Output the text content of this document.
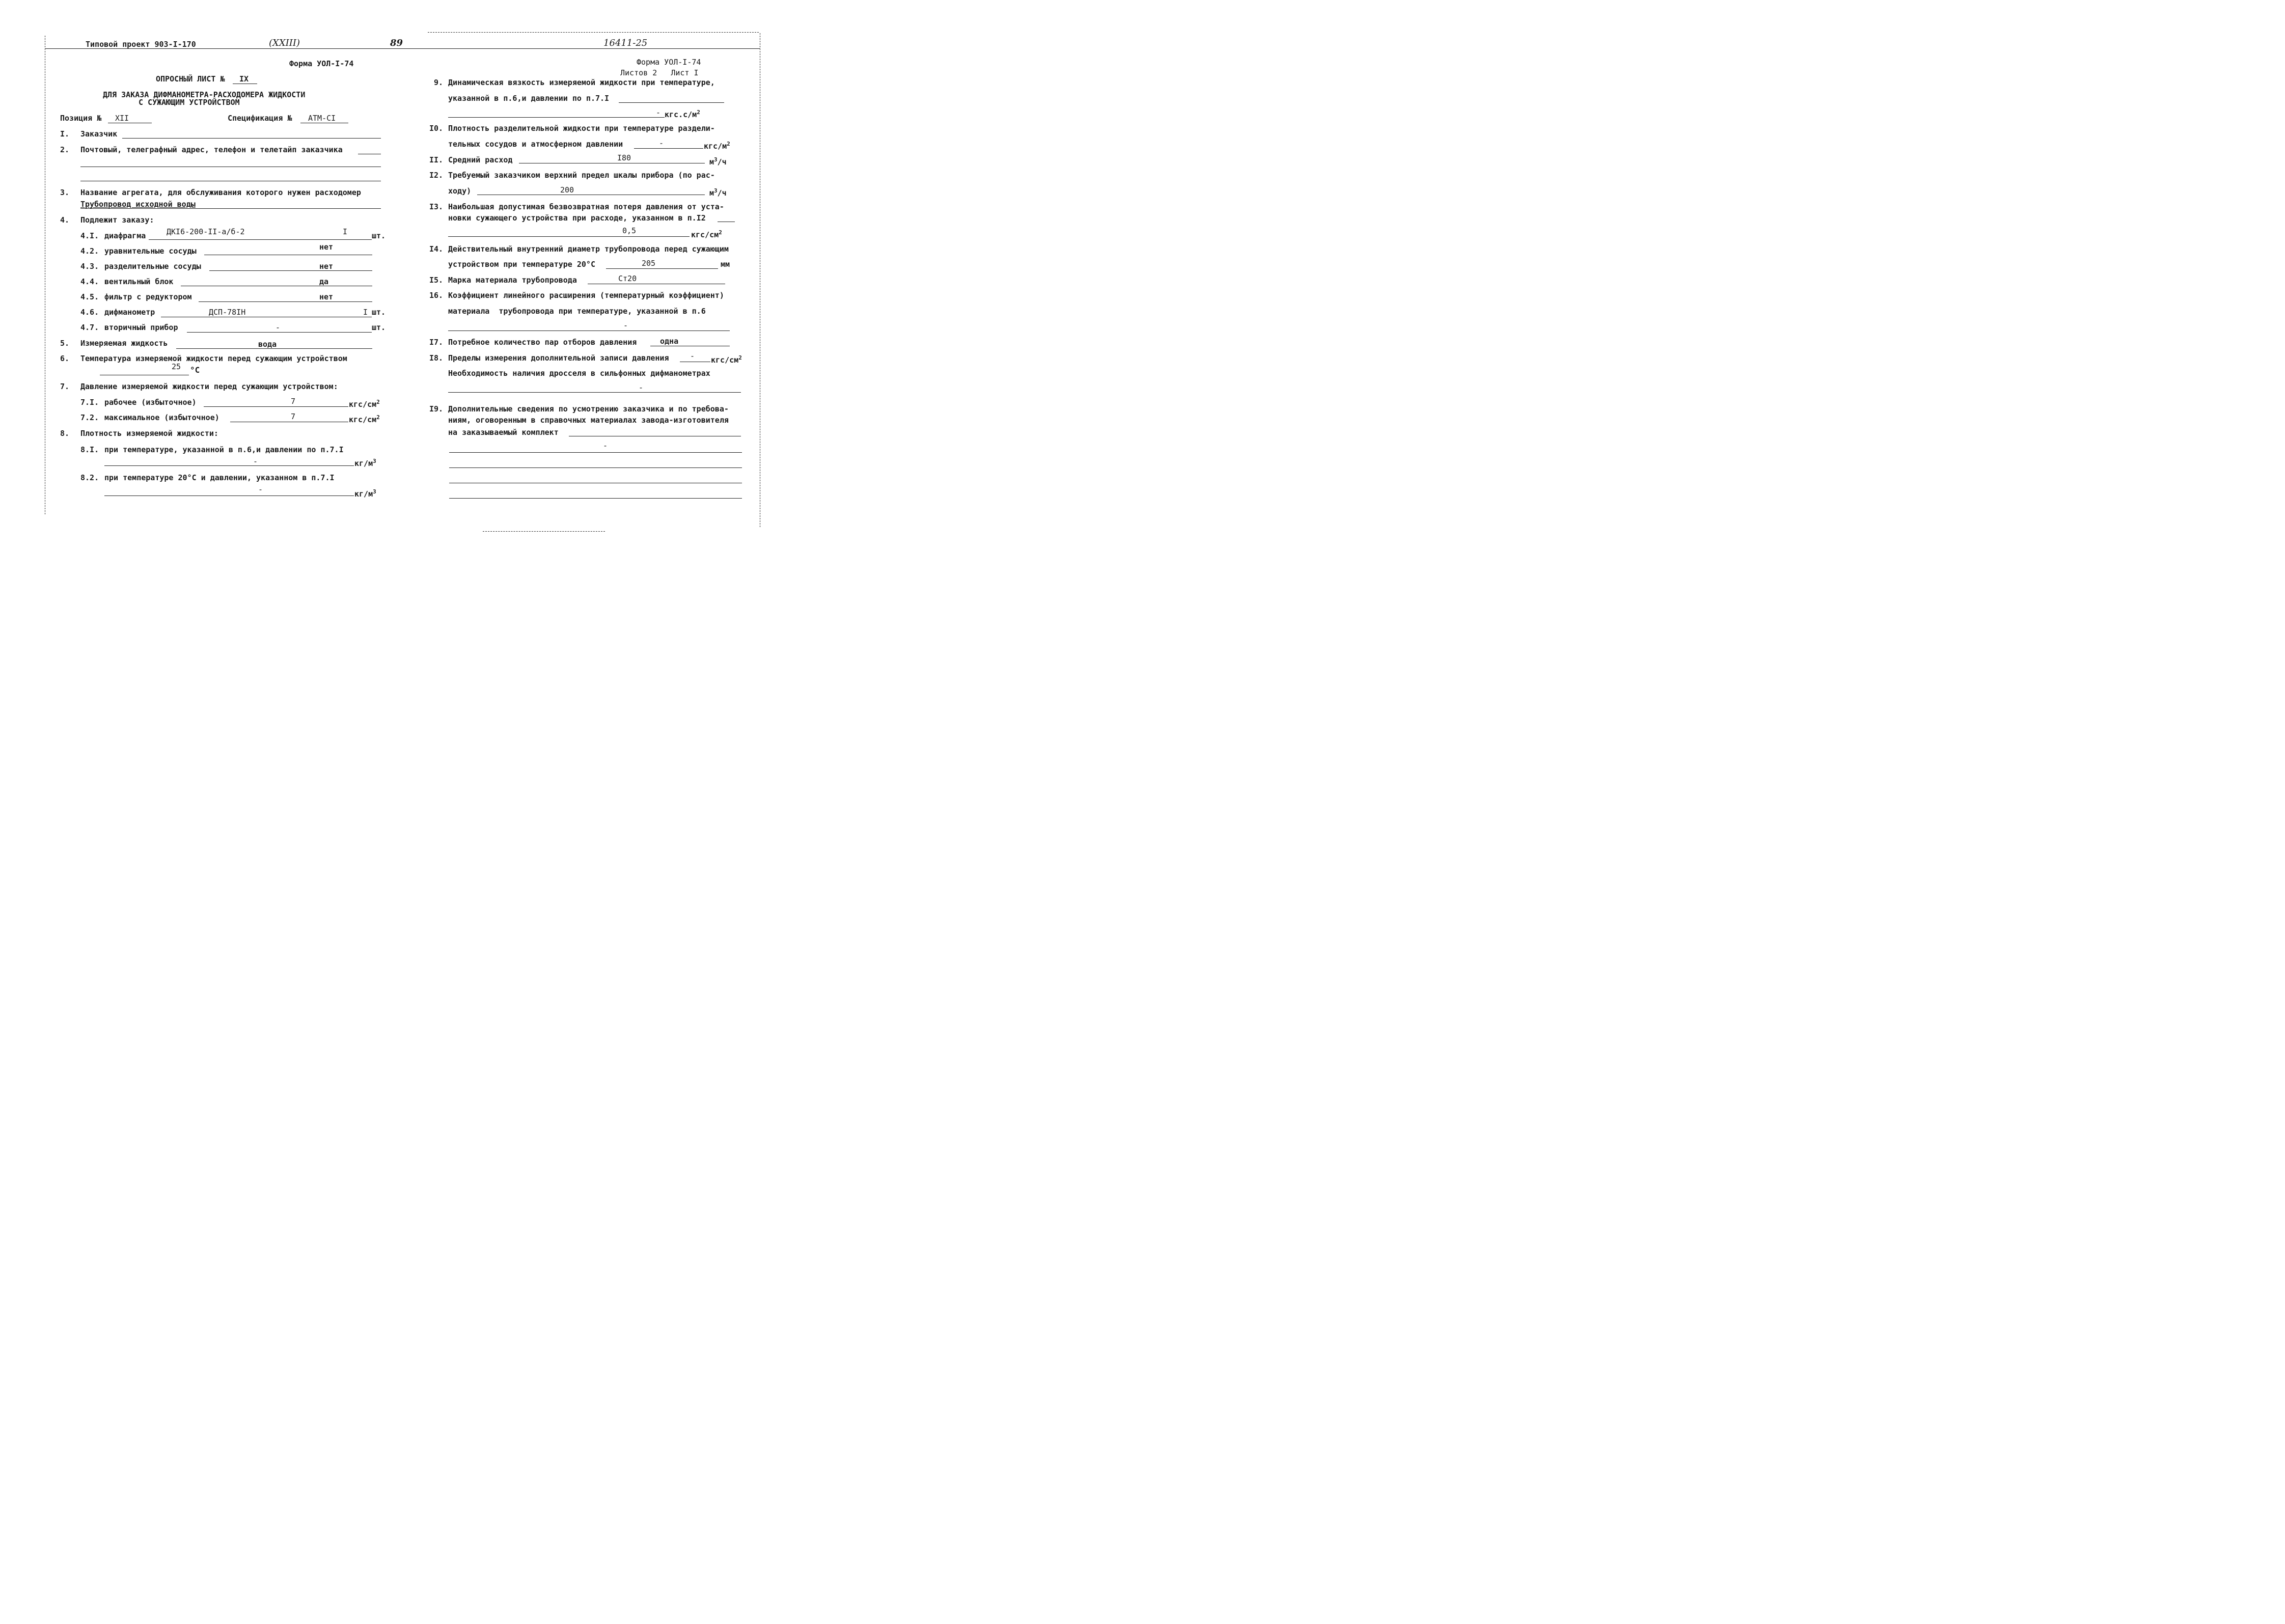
Типовой проект 903-I-170	(XXIII)	89	16411-25
Форма УОЛ-I-74
ОПРОСНЫЙ ЛИСТ № IX
ДЛЯ ЗАКАЗА ДИФМАНОМЕТРА-РАСХОДОМЕРА ЖИДКОСТИ
С СУЖАЮЩИМ УСТРОЙСТВОМ
Позиция № XII	Спецификация № АТМ-CI
I. Заказчик
2. Почтовый, телеграфный адрес, телефон и телетайп заказчика
3. Название агрегата, для обслуживания которого нужен расходомер
Трубопровод исходной воды
4. Подлежит заказу:
4.I. диафрагма	ДКI6-200-II-а/б-2	I	шт.
4.2. уравнительные сосуды	нет
4.3. разделительные сосуды	нет
4.4. вентильный блок	да
4.5. фильтр с редуктором	нет
4.6. дифманометр	ДСП-78IН	I шт.
4.7. вторичный прибор	-	шт.
5. Измеряемая жидкость	вода
6. Температура измеряемой жидкости перед сужающим устройством
25 °С
7. Давление измеряемой жидкости перед сужающим устройством:
7.I. рабочее (избыточное)	7	кгс/$см^2$
7.2. максимальное (избыточное)	7	кгс/$см^2$
8. Плотность измеряемой жидкости:
8.I. при температуре, указанной в п.6,и давлении по п.7.I
-	$кг/м^3$
8.2. при температуре 20°С и давлении, указанном в п.7.I
-	$кг/м^3$
Форма УОЛ-I-74
Листов 2   Лист I
9. Динамическая вязкость измеряемой жидкости при температуре,
указанной в п.6,и давлении по п.7.I
- $кгс.с/м^2$
I0. Плотность разделительной жидкости при температуре раздели-
тельных сосудов и атмосферном давлении	-	кгс/$м^2$
II. Средний расход	I80	$м^3/ч$
I2. Требуемый заказчиком верхний предел шкалы прибора (по рас-
ходу)	200	$м^3/ч$
I3. Наибольшая допустимая безвозвратная потеря давления от уста-
новки сужающего устройства при расходе, указанном в п.I2
0,5	кгс/$см^2$
I4. Действительный внутренний диаметр трубопровода перед сужающим
устройством при температуре 20°С	205	мм
I5. Марка материала трубопровода	Ст20
16. Коэффициент линейного расширения (температурный коэффициент)
материала  трубопровода при температуре, указанной в п.6
-
I7. Потребное количество пар отборов давления	одна
I8. Пределы измерения дополнительной записи давления	- кгс/$см^2$
Необходимость наличия дросселя в сильфонных дифманометрах
-
I9. Дополнительные сведения по усмотрению заказчика и по требова-
ниям, оговоренным в справочных материалах завода-изготовителя
на заказываемый комплект
-
